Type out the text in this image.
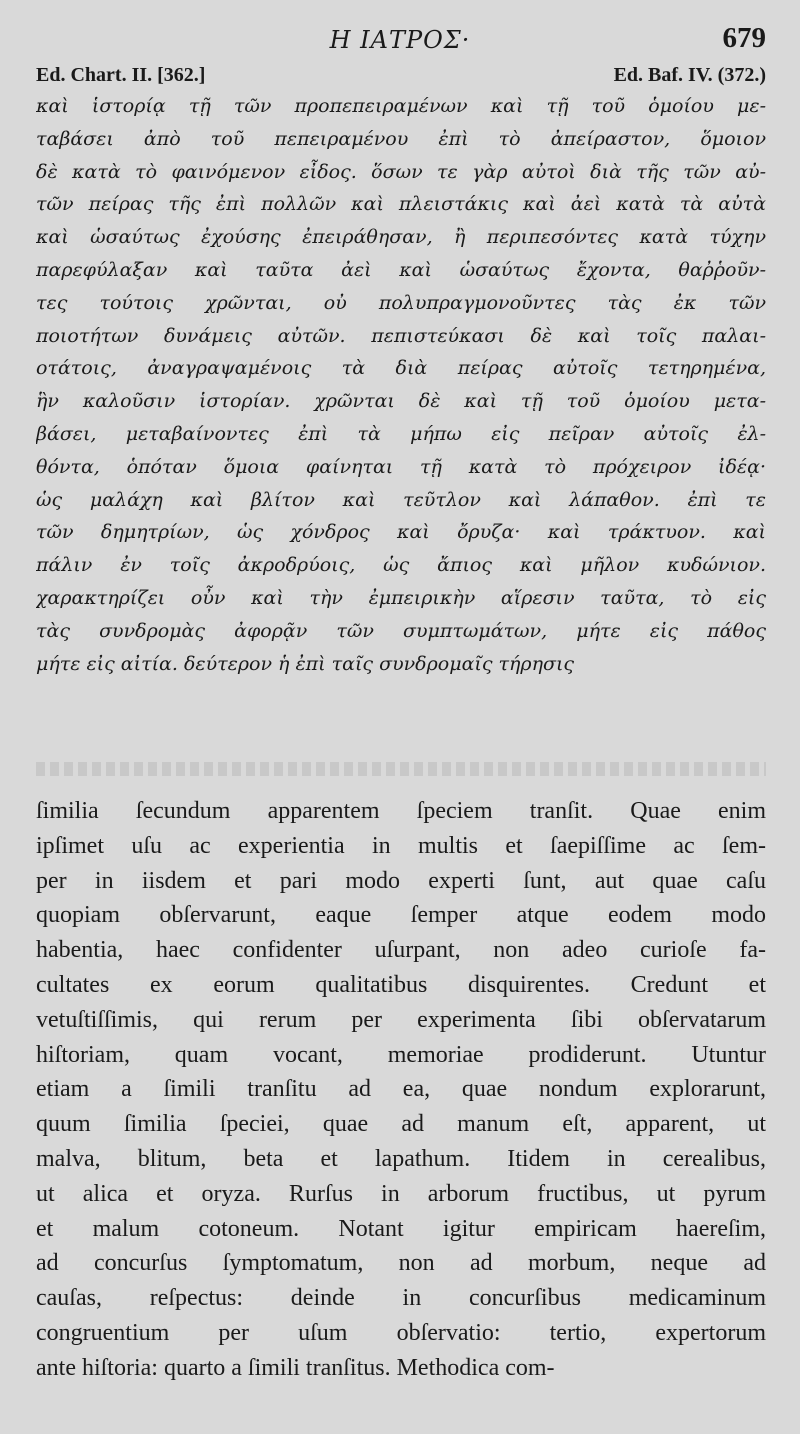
Η ΙΑΤΡΟΣ·	679
Ed. Chart. II. [362.]	Ed. Baf. IV. (372.)
καὶ ἱστορίᾳ τῇ τῶν προπεπειραμένων καὶ τῇ τοῦ ὁμοίου με-
ταβάσει ἀπὸ τοῦ πεπειραμένου ἐπὶ τὸ ἀπείραστον, ὅμοιον
δὲ κατὰ τὸ φαινόμενον εἶδος. ὅσων τε γὰρ αὐτοὶ διὰ τῆς τῶν αὐ-
τῶν πείρας τῆς ἐπὶ πολλῶν καὶ πλειστάκις καὶ ἀεὶ κατὰ τὰ αὐτὰ
καὶ ὡσαύτως ἐχούσης ἐπειράθησαν, ἢ περιπεσόντες κατὰ τύχην
παρεφύλαξαν καὶ ταῦτα ἀεὶ καὶ ὡσαύτως ἔχοντα, θαῤῥοῦν-
τες τούτοις χρῶνται, οὐ πολυπραγμονοῦντες τὰς ἐκ τῶν
ποιοτήτων δυνάμεις αὐτῶν. πεπιστεύκασι δὲ καὶ τοῖς παλαι-
οτάτοις, ἀναγραψαμένοις τὰ διὰ πείρας αὐτοῖς τετηρημένα,
ἣν καλοῦσιν ἱστορίαν. χρῶνται δὲ καὶ τῇ τοῦ ὁμοίου μετα-
βάσει, μεταβαίνοντες ἐπὶ τὰ μήπω εἰς πεῖραν αὐτοῖς ἐλ-
θόντα, ὁπόταν ὅμοια φαίνηται τῇ κατὰ τὸ πρόχειρον ἰδέᾳ·
ὡς μαλάχη καὶ βλίτον καὶ τεῦτλον καὶ λάπαθον. ἐπὶ τε
τῶν δημητρίων, ὡς χόνδρος καὶ ὄρυζα· καὶ τράκτυον. καὶ
πάλιν ἐν τοῖς ἀκροδρύοις, ὡς ἄπιος καὶ μῆλον κυδώνιον.
χαρακτηρίζει οὖν καὶ τὴν ἐμπειρικὴν αἵρεσιν ταῦτα, τὸ εἰς
τὰς συνδρομὰς ἀφορᾷν τῶν συμπτωμάτων, μήτε εἰς πάθος
μήτε εἰς αἰτία. δεύτερον ἡ ἐπὶ ταῖς συνδρομαῖς τήρησις
ſimilia ſecundum apparentem ſpeciem tranſit. Quae enim
ipſimet uſu ac experientia in multis et ſaepiſſime ac ſem-
per in iisdem et pari modo experti ſunt, aut quae caſu
quopiam obſervarunt, eaque ſemper atque eodem modo
habentia, haec confidenter uſurpant, non adeo curioſe fa-
cultates ex eorum qualitatibus disquirentes. Credunt et
vetuſtiſſimis, qui rerum per experimenta ſibi obſervatarum
hiſtoriam, quam vocant, memoriae prodiderunt. Utuntur
etiam a ſimili tranſitu ad ea, quae nondum explorarunt,
quum ſimilia ſpeciei, quae ad manum eſt, apparent, ut
malva, blitum, beta et lapathum. Itidem in cerealibus,
ut alica et oryza. Rurſus in arborum fructibus, ut pyrum
et malum cotoneum. Notant igitur empiricam haereſim,
ad concurſus ſymptomatum, non ad morbum, neque ad
cauſas, reſpectus: deinde in concurſibus medicaminum
congruentium per uſum obſervatio: tertio, expertorum
ante hiſtoria: quarto a ſimili tranſitus. Methodica com-
